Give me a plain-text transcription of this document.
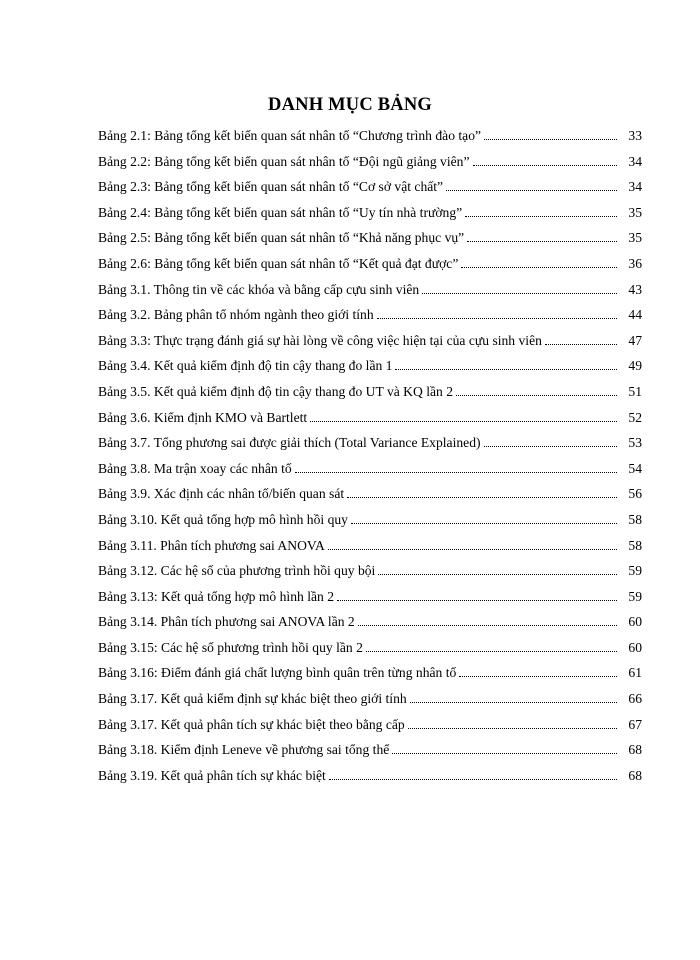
DANH MỤC BẢNG
Bảng 2.1: Bảng tổng kết biến quan sát nhân tố “Chương trình đào tạo”	33
Bảng 2.2: Bảng tổng kết biến quan sát nhân tố “Đội ngũ giảng viên”	34
Bảng 2.3: Bảng tổng kết biến quan sát nhân tố “Cơ sở vật chất”	34
Bảng 2.4: Bảng tổng kết biến quan sát nhân tố “Uy tín nhà trường”	35
Bảng 2.5: Bảng tổng kết biến quan sát nhân tố “Khả năng phục vụ”	35
Bảng 2.6: Bảng tổng kết biến quan sát nhân tố “Kết quả đạt được”	36
Bảng 3.1. Thông tin về các khóa và bằng cấp cựu sinh viên	43
Bảng 3.2. Bảng phân tổ nhóm ngành theo giới tính	44
Bảng 3.3: Thực trạng đánh giá sự hài lòng về công việc hiện tại của cựu sinh viên	47
Bảng 3.4. Kết quả kiểm định độ tin cậy thang đo lần 1	49
Bảng 3.5. Kết quả kiểm định độ tin cậy thang đo UT và KQ lần 2	51
Bảng 3.6. Kiểm định KMO và Bartlett	52
Bảng 3.7. Tổng phương sai được giải thích (Total Variance Explained)	53
Bảng 3.8. Ma trận xoay các nhân tố	54
Bảng 3.9. Xác định các nhân tố/biến quan sát	56
Bảng 3.10. Kết quả tổng hợp mô hình hồi quy	58
Bảng 3.11. Phân tích phương sai ANOVA	58
Bảng 3.12. Các hệ số của phương trình hồi quy bội	59
Bảng 3.13: Kết quả tổng hợp mô hình lần 2	59
Bảng 3.14. Phân tích phương sai ANOVA lần 2	60
Bảng 3.15: Các hệ số phương trình hồi quy lần 2	60
Bảng 3.16: Điểm đánh giá chất lượng bình quân trên từng nhân tố	61
Bảng 3.17. Kết quả kiểm định sự khác biệt theo giới tính	66
Bảng 3.17. Kết quả phân tích sự khác biệt theo bằng cấp	67
Bảng 3.18. Kiểm định Leneve về phương sai tổng thể	68
Bảng 3.19. Kết quả phân tích sự khác biệt	68
